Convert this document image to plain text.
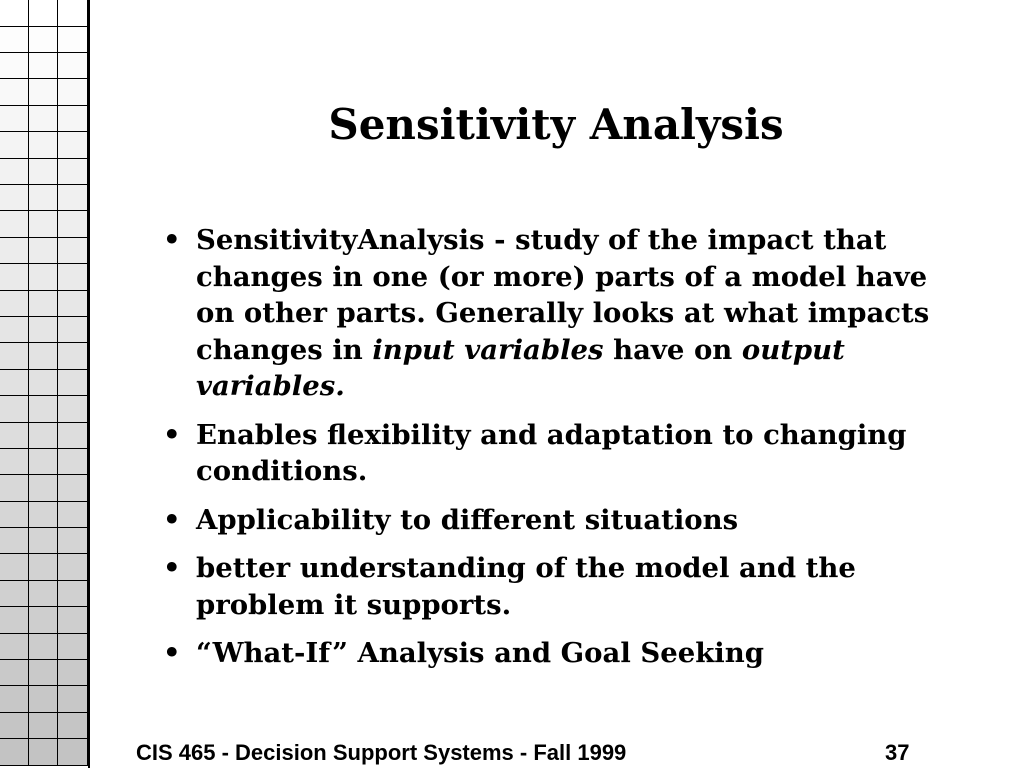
Sensitivity Analysis
• SensitivityAnalysis - study of the impact that changes in one (or more) parts of a model have on other parts. Generally looks at what impacts changes in input variables have on output variables.
• Enables flexibility and adaptation to changing conditions.
• Applicability to different situations
• better understanding of the model and the problem it supports.
• “What-If” Analysis and Goal Seeking
CIS 465 - Decision Support Systems - Fall 1999	37
